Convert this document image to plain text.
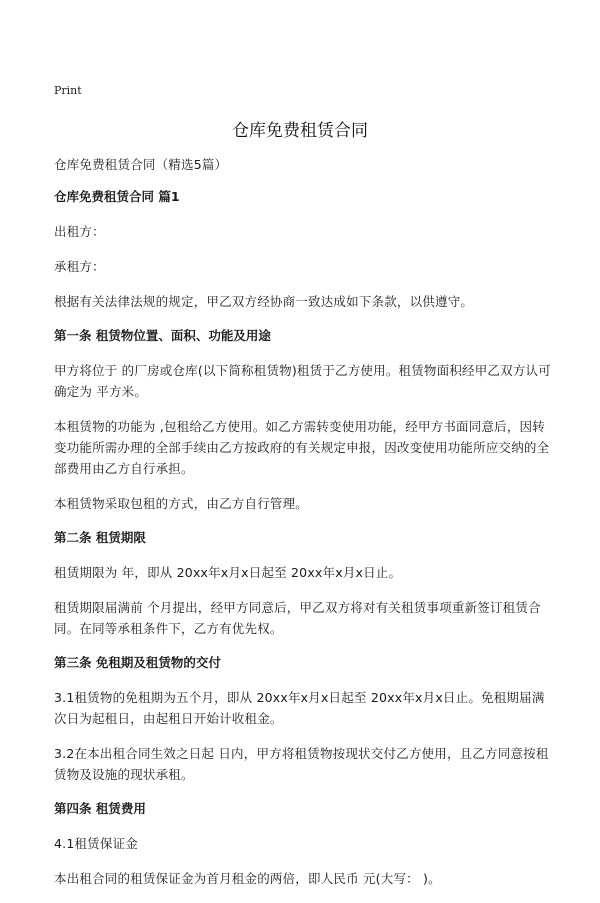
Print
仓库免费租赁合同
仓库免费租赁合同（精选5篇）
仓库免费租赁合同 篇1
出租方：
承租方：
根据有关法律法规的规定，甲乙双方经协商一致达成如下条款，以供遵守。
第一条 租赁物位置、面积、功能及用途
甲方将位于 的厂房或仓库(以下简称租赁物)租赁于乙方使用。租赁物面积经甲乙双方认可确定为 平方米。
本租赁物的功能为 ,包租给乙方使用。如乙方需转变使用功能，经甲方书面同意后，因转变功能所需办理的全部手续由乙方按政府的有关规定申报，因改变使用功能所应交纳的全部费用由乙方自行承担。
本租赁物采取包租的方式，由乙方自行管理。
第二条 租赁期限
租赁期限为 年，即从 20xx年x月x日起至 20xx年x月x日止。
租赁期限届满前 个月提出，经甲方同意后，甲乙双方将对有关租赁事项重新签订租赁合同。在同等承租条件下，乙方有优先权。
第三条 免租期及租赁物的交付
3.1租赁物的免租期为五个月，即从 20xx年x月x日起至 20xx年x月x日止。免租期届满次日为起租日，由起租日开始计收租金。
3.2在本出租合同生效之日起 日内，甲方将租赁物按现状交付乙方使用，且乙方同意按租赁物及设施的现状承租。
第四条 租赁费用
4.1租赁保证金
本出租合同的租赁保证金为首月租金的两倍，即人民币 元(大写： )。
